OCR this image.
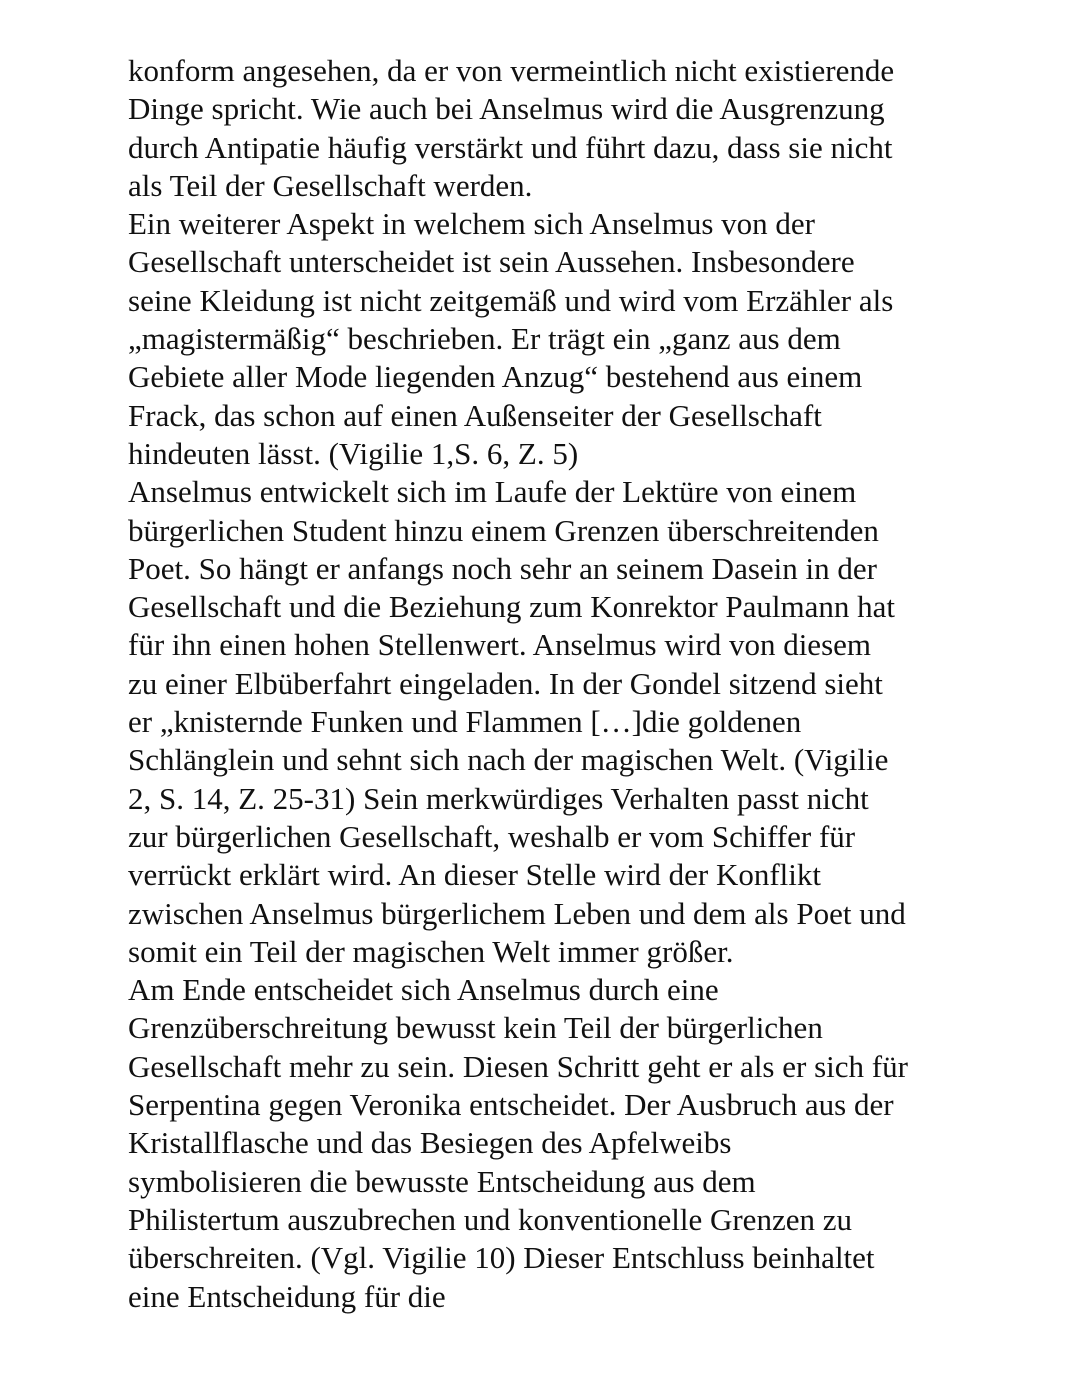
konform angesehen, da er von vermeintlich nicht existierende
Dinge spricht. Wie auch bei Anselmus wird die Ausgrenzung
durch Antipatie häufig verstärkt und führt dazu, dass sie nicht
als Teil der Gesellschaft werden.
Ein weiterer Aspekt in welchem sich Anselmus von der
Gesellschaft unterscheidet ist sein Aussehen. Insbesondere
seine Kleidung ist nicht zeitgemäß und wird vom Erzähler als
„magistermäßig“ beschrieben. Er trägt ein „ganz aus dem
Gebiete aller Mode liegenden Anzug“ bestehend aus einem
Frack, das schon auf einen Außenseiter der Gesellschaft
hindeuten lässt. (Vigilie 1,S. 6, Z. 5)
Anselmus entwickelt sich im Laufe der Lektüre von einem
bürgerlichen Student hinzu einem Grenzen überschreitenden
Poet. So hängt er anfangs noch sehr an seinem Dasein in der
Gesellschaft und die Beziehung zum Konrektor Paulmann hat
für ihn einen hohen Stellenwert. Anselmus wird von diesem
zu einer Elbüberfahrt eingeladen. In der Gondel sitzend sieht
er „knisternde Funken und Flammen […]die goldenen
Schlänglein und sehnt sich nach der magischen Welt. (Vigilie
2, S. 14, Z. 25-31) Sein merkwürdiges Verhalten passt nicht
zur bürgerlichen Gesellschaft, weshalb er vom Schiffer für
verrückt erklärt wird. An dieser Stelle wird der Konflikt
zwischen Anselmus bürgerlichem Leben und dem als Poet und
somit ein Teil der magischen Welt immer größer.
Am Ende entscheidet sich Anselmus durch eine
Grenzüberschreitung bewusst kein Teil der bürgerlichen
Gesellschaft mehr zu sein. Diesen Schritt geht er als er sich für
Serpentina gegen Veronika entscheidet. Der Ausbruch aus der
Kristallflasche und das Besiegen des Apfelweibs
symbolisieren die bewusste Entscheidung aus dem
Philistertum auszubrechen und konventionelle Grenzen zu
überschreiten. (Vgl. Vigilie 10) Dieser Entschluss beinhaltet
eine Entscheidung für die
